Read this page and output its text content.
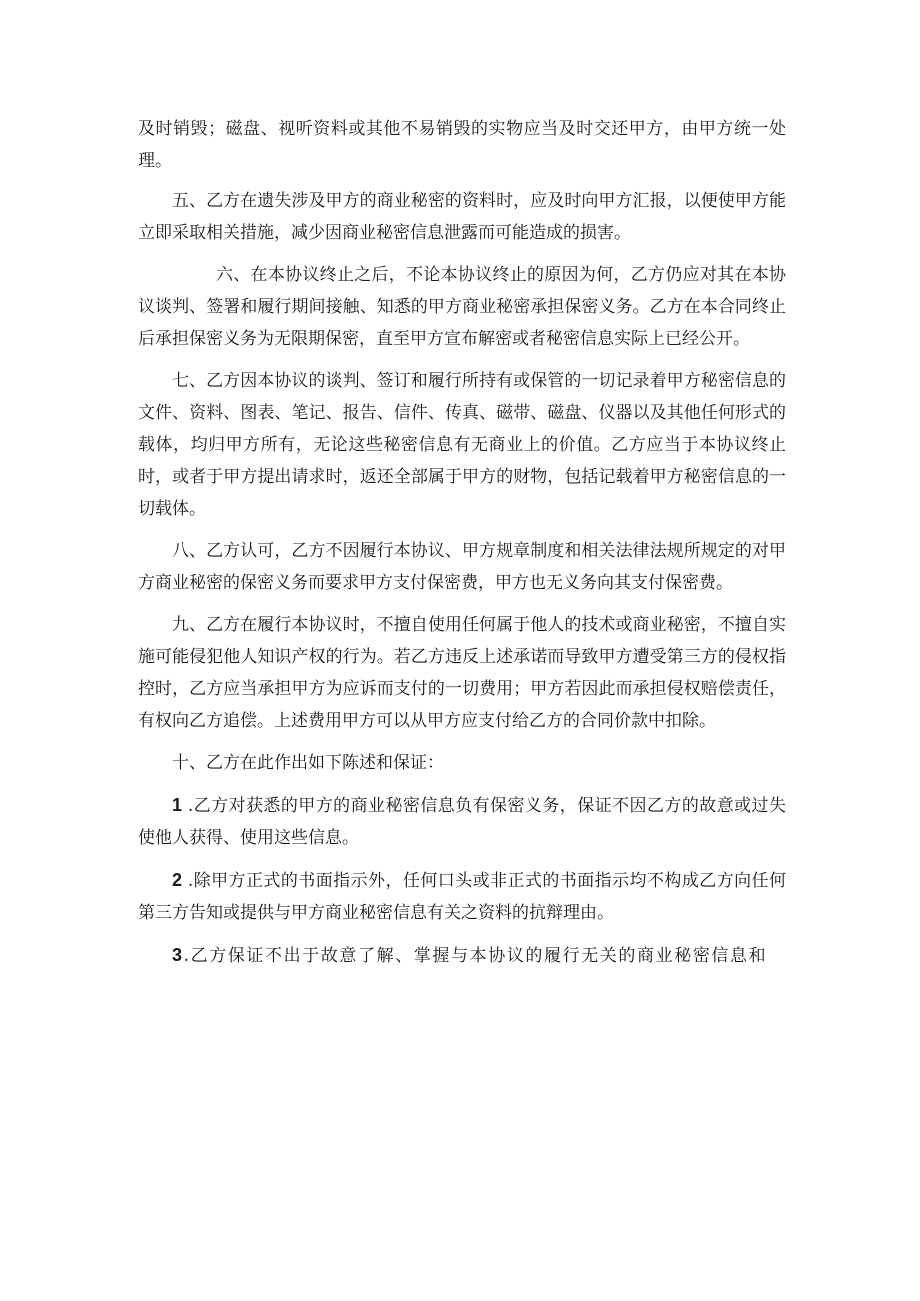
及时销毁；磁盘、视听资料或其他不易销毁的实物应当及时交还甲方，由甲方统一处理。

五、乙方在遗失涉及甲方的商业秘密的资料时，应及时向甲方汇报，以便使甲方能立即采取相关措施，减少因商业秘密信息泄露而可能造成的损害。

六、在本协议终止之后，不论本协议终止的原因为何，乙方仍应对其在本协议谈判、签署和履行期间接触、知悉的甲方商业秘密承担保密义务。乙方在本合同终止后承担保密义务为无限期保密，直至甲方宣布解密或者秘密信息实际上已经公开。

七、乙方因本协议的谈判、签订和履行所持有或保管的一切记录着甲方秘密信息的文件、资料、图表、笔记、报告、信件、传真、磁带、磁盘、仪器以及其他任何形式的载体，均归甲方所有，无论这些秘密信息有无商业上的价值。乙方应当于本协议终止时，或者于甲方提出请求时，返还全部属于甲方的财物，包括记载着甲方秘密信息的一切载体。

八、乙方认可，乙方不因履行本协议、甲方规章制度和相关法律法规所规定的对甲方商业秘密的保密义务而要求甲方支付保密费，甲方也无义务向其支付保密费。

九、乙方在履行本协议时，不擅自使用任何属于他人的技术或商业秘密，不擅自实施可能侵犯他人知识产权的行为。若乙方违反上述承诺而导致甲方遭受第三方的侵权指控时，乙方应当承担甲方为应诉而支付的一切费用；甲方若因此而承担侵权赔偿责任，有权向乙方追偿。上述费用甲方可以从甲方应支付给乙方的合同价款中扣除。

十、乙方在此作出如下陈述和保证：

1 .乙方对获悉的甲方的商业秘密信息负有保密义务，保证不因乙方的故意或过失使他人获得、使用这些信息。

2 .除甲方正式的书面指示外，任何口头或非正式的书面指示均不构成乙方向任何第三方告知或提供与甲方商业秘密信息有关之资料的抗辩理由。

3.乙方保证不出于故意了解、掌握与本协议的履行无关的商业秘密信息和
